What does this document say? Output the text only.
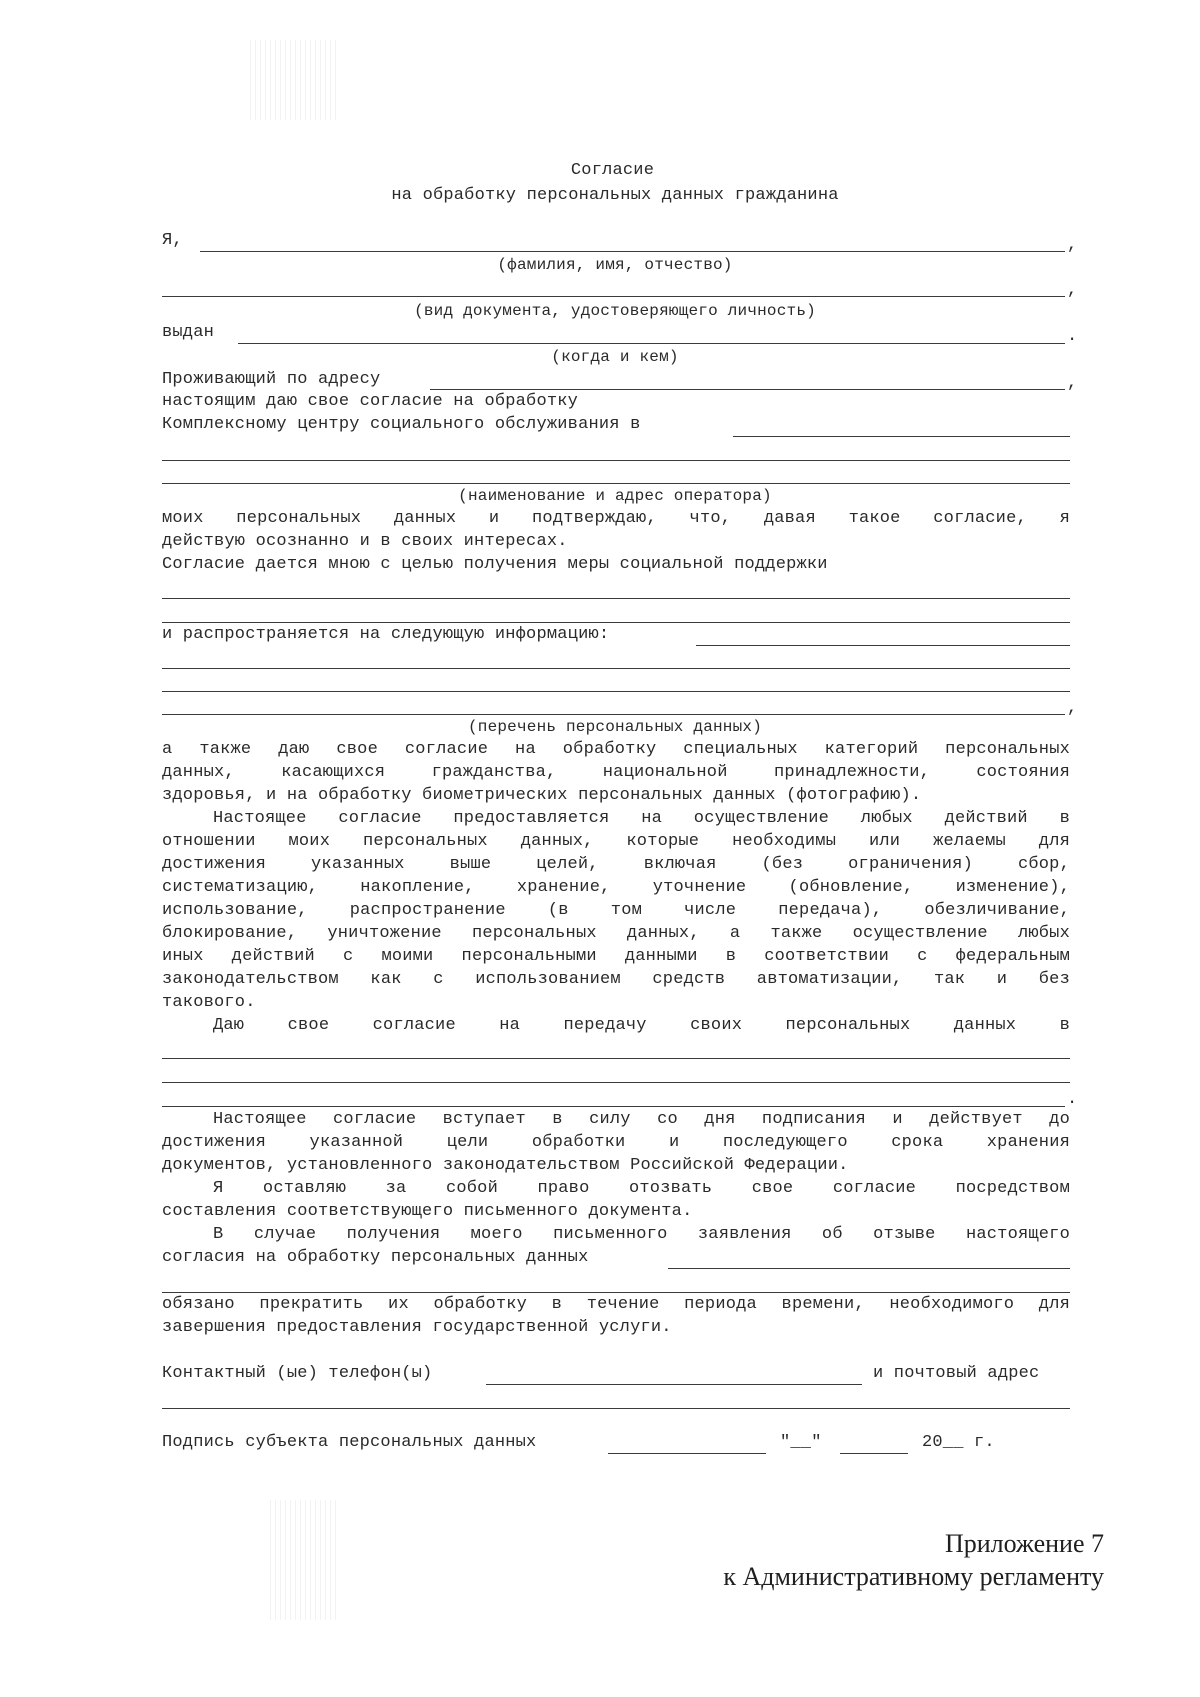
Согласие
на обработку персональных данных гражданина
Я,	,
(фамилия, имя, отчество)
,
(вид документа, удостоверяющего личность)
выдан	.
(когда и кем)
Проживающий по адресу	,
настоящим даю свое согласие на обработку
Комплексному центру социального обслуживания в
(наименование и адрес оператора)
моих персональных данных и подтверждаю, что, давая такое согласие, я
действую осознанно и в своих интересах.
Согласие дается мною с целью получения меры социальной поддержки
и распространяется на следующую информацию:
,
(перечень персональных данных)
а также даю свое согласие на обработку специальных категорий персональных
данных, касающихся гражданства, национальной принадлежности, состояния
здоровья, и на обработку биометрических персональных данных (фотографию).
Настоящее согласие предоставляется на осуществление любых действий в
отношении моих персональных данных, которые необходимы или желаемы для
достижения указанных выше целей, включая (без ограничения) сбор,
систематизацию, накопление, хранение, уточнение (обновление, изменение),
использование, распространение (в том числе передача), обезличивание,
блокирование, уничтожение персональных данных, а также осуществление любых
иных действий с моими персональными данными в соответствии с федеральным
законодательством как с использованием средств автоматизации, так и без
такового.
Даю свое согласие на передачу своих персональных данных в
.
Настоящее согласие вступает в силу со дня подписания и действует до
достижения указанной цели обработки и последующего срока хранения
документов, установленного законодательством Российской Федерации.
Я оставляю за собой право отозвать свое согласие посредством
составления соответствующего письменного документа.
В случае получения моего письменного заявления об отзыве настоящего
согласия на обработку персональных данных
обязано прекратить их обработку в течение периода времени, необходимого для
завершения предоставления государственной услуги.
Контактный (ые) телефон(ы)	и почтовый адрес
Подпись субъекта персональных данных	"__"	20__ г.
Приложение 7
к Административному регламенту
